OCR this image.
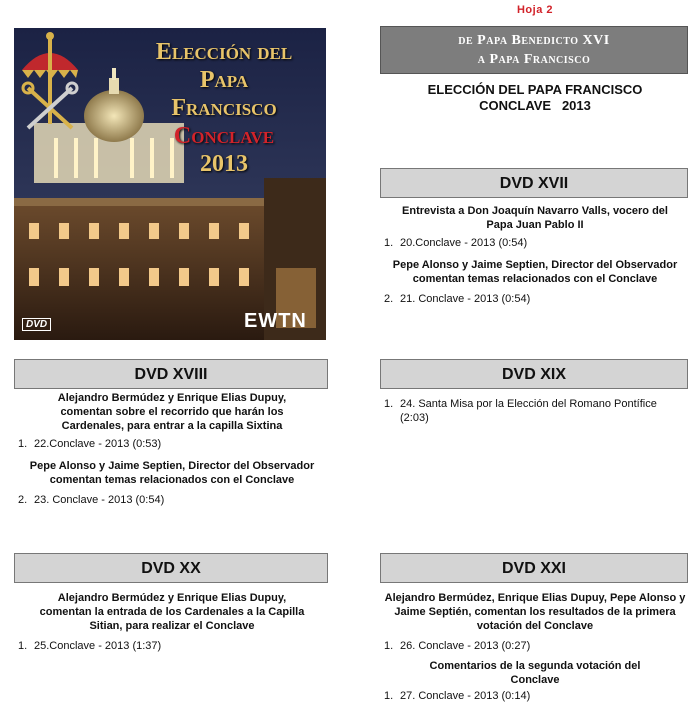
Hoja 2
de Papa Benedicto XVI
a Papa Francisco
ELECCIÓN DEL PAPA FRANCISCO
CONCLAVE   2013
Elección del
Papa
Francisco
Conclave
2013
DVD	EWTN
DVD XVII
Entrevista a Don Joaquín Navarro Valls, vocero del Papa Juan Pablo II
1. 20.Conclave - 2013 (0:54)
Pepe Alonso y Jaime Septien, Director del Observador comentan temas relacionados con el Conclave
2. 21. Conclave - 2013 (0:54)
DVD XVIII
Alejandro Bermúdez y Enrique Elias Dupuy, comentan sobre el recorrido que harán los Cardenales, para entrar a la capilla Sixtina
1. 22.Conclave - 2013 (0:53)
Pepe Alonso y Jaime Septien, Director del Observador comentan temas relacionados con el Conclave
2. 23. Conclave - 2013 (0:54)
DVD XIX
1. 24. Santa Misa por la Elección del Romano Pontífice (2:03)
DVD XX
Alejandro Bermúdez y Enrique Elias Dupuy, comentan la entrada de los Cardenales a la Capilla Sitian, para realizar el Conclave
1. 25.Conclave - 2013 (1:37)
DVD XXI
Alejandro Bermúdez, Enrique Elias Dupuy, Pepe Alonso y Jaime Septién, comentan los resultados de la primera votación del Conclave
1. 26. Conclave - 2013 (0:27)
Comentarios de la segunda votación del Conclave
1. 27. Conclave - 2013 (0:14)
